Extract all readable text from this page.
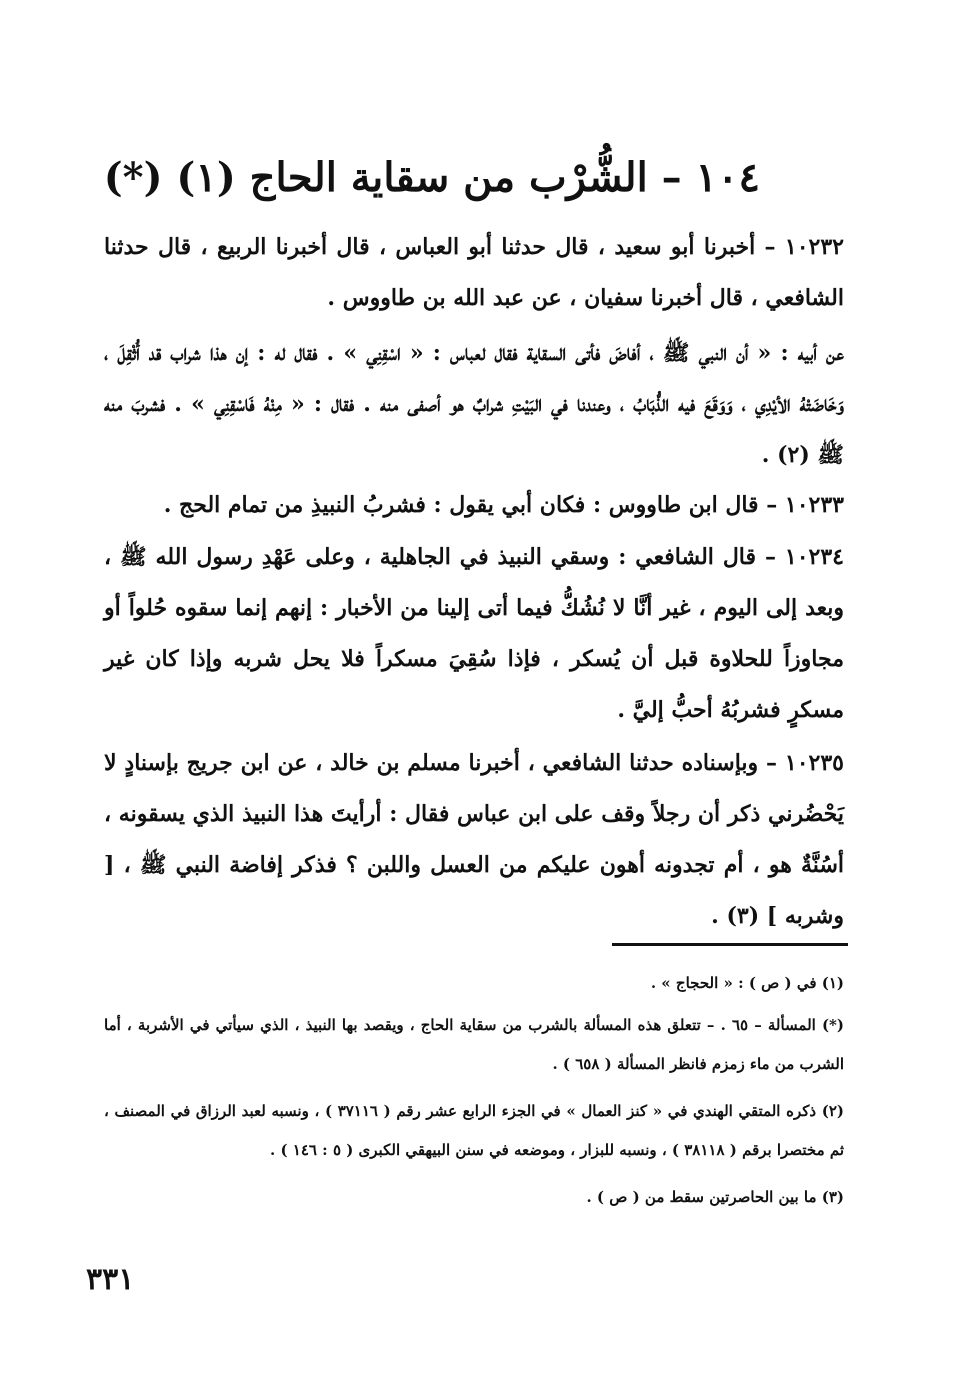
١٠٤ – الشُّرْب من سقاية الحاج (١) (*)

١٠٢٣٢ – أخبرنا أبو سعيد ، قال حدثنا أبو العباس ، قال أخبرنا الربيع ، قال حدثنا الشافعي ، قال أخبرنا سفيان ، عن عبد الله بن طاووس .

عن أبيه : « أن النبي ﷺ ، أفاضَ فأتى السقاية فقال لعباس : « اسْقِنِي » . فقال له : إن هذا شراب قد أُثْقِلَ ، وَخَاضَتْهُ الأيْدِي ، وَوَقَعَ فيه الذُّبَابُ ، وعندنا في البَيْتِ شرابٌ هو أصفى منه . فقال : « مِنْهُ فَاسْقِنِي » . فشربَ منه ﷺ (٢) .

١٠٢٣٣ – قال ابن طاووس : فكان أبي يقول : فشربُ النبيذِ من تمام الحج .

١٠٢٣٤ – قال الشافعي : وسقي النبيذ في الجاهلية ، وعلى عَهْدِ رسول الله ﷺ ، وبعد إلى اليوم ، غير أنَّا لا نُشُكُّ فيما أتى إلينا من الأخبار : إنهم إنما سقوه حُلواً أو مجاوزاً للحلاوة قبل أن يُسكر ، فإذا سُقِيَ مسكراً فلا يحل شربه وإذا كان غير مسكرٍ فشربُهُ أحبُّ إليَّ .

١٠٢٣٥ – وبإسناده حدثنا الشافعي ، أخبرنا مسلم بن خالد ، عن ابن جريج بإسنادٍ لا يَحْضُرني ذكر أن رجلاً وقف على ابن عباس فقال : أرأيتَ هذا النبيذ الذي يسقونه ، أسُنَّةٌ هو ، أم تجدونه أهون عليكم من العسل واللبن ؟ فذكر إفاضة النبي ﷺ ، [ وشربه ] (٣) .

(١) في ( ص ) : « الحجاج » .

(*) المسألة – ٦٥ . – تتعلق هذه المسألة بالشرب من سقاية الحاج ، ويقصد بها النبيذ ، الذي سيأتي في الأشربة ، أما الشرب من ماء زمزم فانظر المسألة ( ٦٥٨ ) .

(٢) ذكره المتقي الهندي في « كنز العمال » في الجزء الرابع عشر رقم ( ٣٧١١٦ ) ، ونسبه لعبد الرزاق في المصنف ، ثم مختصرا برقم ( ٣٨١١٨ ) ، ونسبه للبزار ، وموضعه في سنن البيهقي الكبرى ( ٥ : ١٤٦ ) .

(٣) ما بين الحاصرتين سقط من ( ص ) .

٣٣١
